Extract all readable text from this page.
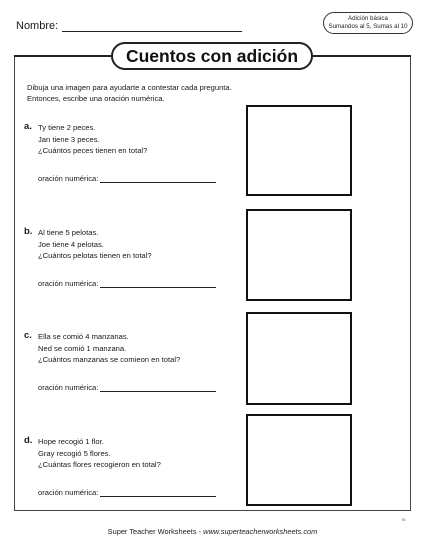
Nombre:
Adición básica
Sumandos al 5, Sumas al 10
Cuentos con adición
Dibuja una imagen para ayudarte a contestar cada pregunta.
Entonces, escribe una oración numérica.
a. Ty tiene 2 peces.
Jan tiene 3 peces.
¿Cuántos peces tienen en total?
oración numérica:
b. Al tiene 5 pelotas.
Joe tiene 4 pelotas.
¿Cuántos pelotas tienen en total?
oración numérica:
c. Ella se comió 4 manzanas.
Ned se comió 1 manzana.
¿Cuántos manzanas se comieon en total?
oración numérica:
d. Hope recogió 1 flor.
Gray recogió 5 flores.
¿Cuántas flores recogieron en total?
oración numérica:
f5
Super Teacher Worksheets - www.superteacherworksheets.com
